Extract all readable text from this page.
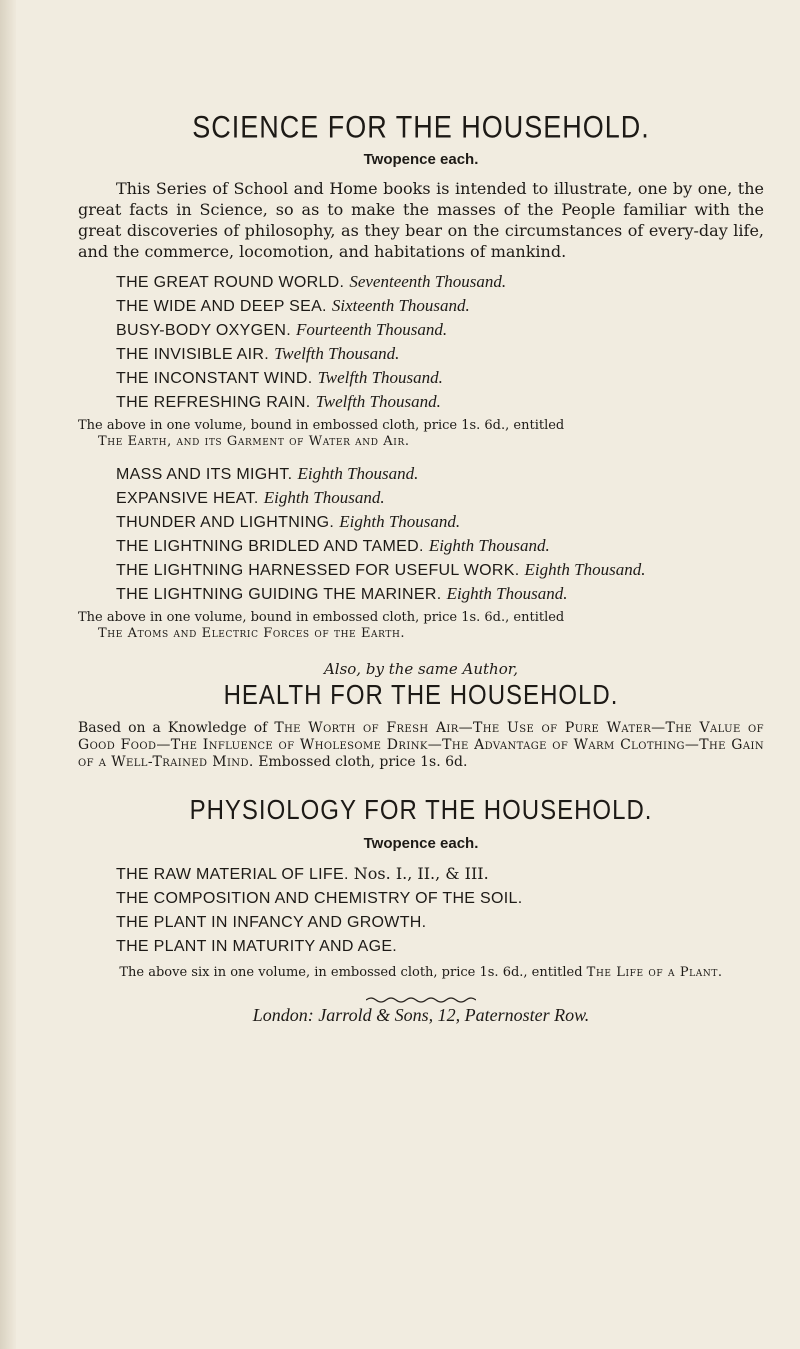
SCIENCE FOR THE HOUSEHOLD.
Twopence each.

This Series of School and Home books is intended to illustrate, one by one, the great facts in Science, so as to make the masses of the People familiar with the great discoveries of philosophy, as they bear on the circumstances of every-day life, and the commerce, locomotion, and habitations of mankind.

THE GREAT ROUND WORLD. Seventeenth Thousand.
THE WIDE AND DEEP SEA. Sixteenth Thousand.
BUSY-BODY OXYGEN. Fourteenth Thousand.
THE INVISIBLE AIR. Twelfth Thousand.
THE INCONSTANT WIND. Twelfth Thousand.
THE REFRESHING RAIN. Twelfth Thousand.
The above in one volume, bound in embossed cloth, price 1s. 6d., entitled
The Earth, and its Garment of Water and Air.
MASS AND ITS MIGHT. Eighth Thousand.
EXPANSIVE HEAT. Eighth Thousand.
THUNDER AND LIGHTNING. Eighth Thousand.
THE LIGHTNING BRIDLED AND TAMED. Eighth Thousand.
THE LIGHTNING HARNESSED FOR USEFUL WORK. Eighth Thousand.
THE LIGHTNING GUIDING THE MARINER. Eighth Thousand.
The above in one volume, bound in embossed cloth, price 1s. 6d., entitled
The Atoms and Electric Forces of the Earth.
Also, by the same Author,
HEALTH FOR THE HOUSEHOLD.

Based on a Knowledge of The Worth of Fresh Air—The Use of Pure Water—The Value of Good Food—The Influence of Wholesome Drink—The Advantage of Warm Clothing—The Gain of a Well-Trained Mind. Embossed cloth, price 1s. 6d.

PHYSIOLOGY FOR THE HOUSEHOLD.
Twopence each.
THE RAW MATERIAL OF LIFE. Nos. I., II., & III.
THE COMPOSITION AND CHEMISTRY OF THE SOIL.
THE PLANT IN INFANCY AND GROWTH.
THE PLANT IN MATURITY AND AGE.
The above six in one volume, in embossed cloth, price 1s. 6d., entitled The Life of a Plant.
London: Jarrold & Sons, 12, Paternoster Row.
